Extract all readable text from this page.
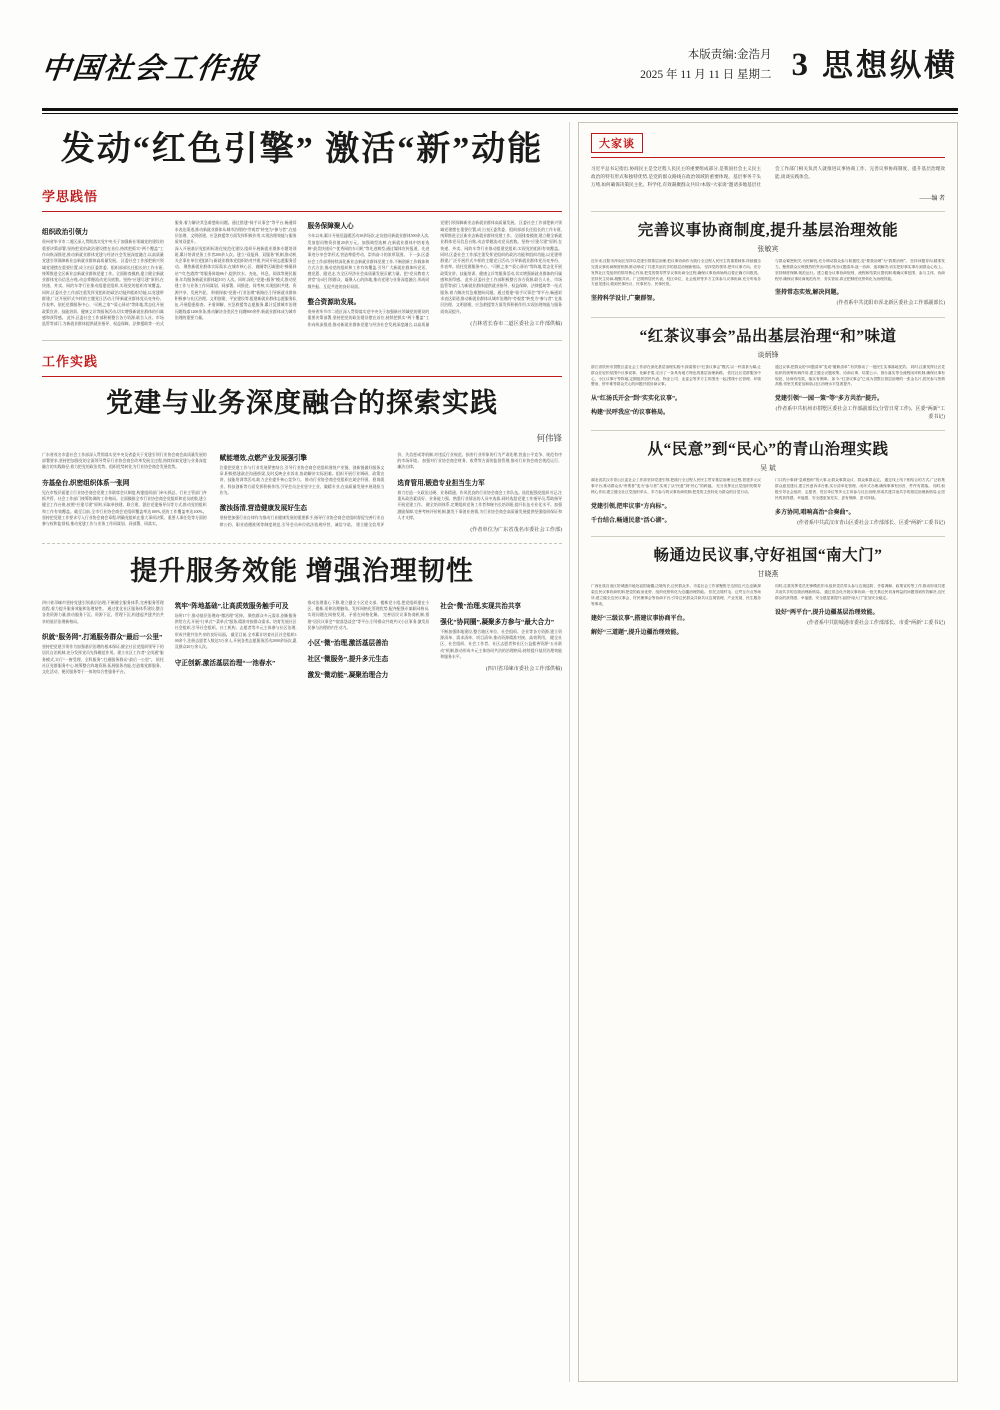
中国社会工作报	本版责编:金浩月
2025 年 11 月 11 日 星期二 3 思想纵横
发动“红色引擎” 激活“新”动能
学思践悟
组织政治引领力
贵州省毕节市二道区深入贯彻落实党中央关于加强新社领域党的建设的重要决策部署,坚持把党的政治建设摆在首位,持续把抓实“两个覆盖”工作向纵深推进,推动新就业群体党建与经济社会发展深度融合,以高质量党建引领保障新业态新就业群体高质量发展。 区委社会工作部把新兴领域党建摆在重要位置,成立由区委常委、组织部部长任组长的工作专班,统筹推进全区新业态新就业群体党建工作。全面排查摸底,建立健全新就业群体党员信息台账,动态掌握流动党员底数。坚持“应建尽建”原则,在快递、外卖、网约车等行业推动组建党组织,实现党的组织有效覆盖。 同时,区委社会工作部注重发挥党组织的政治功能和组织功能,以党建带群建,广泛开展形式多样的主题党日活动,引导新就业群体党员亮身份、作表率。依托党群服务中心、“司机之家”“爱心驿站”等阵地,常态化开展政策宣讲、技能培训、健康义诊等服务活动,切实增强新就业群体的归属感和获得感。 此外,区委社会工作部积极整合各方资源,联合人社、市场监管等部门,为新就业群体提供就业指导、权益保障、法律援助等一站式服务,着力解决其急难愁盼问题。通过搭建“骑手议事会”等平台,畅通诉求表达渠道,推动新就业群体从城市治理的“旁观者”转变为“参与者”,在基层治理、文明创建、应急救援等方面发挥积极作用,实现治理效能与服务质效双提升。
深入开展基层党组织标准化规范化建设,组织开展新就业群体专题培训班,累计培训党务工作者200余人次。建立“双报到、双服务”机制,推动机关企事业单位党组织与新就业群体党组织结对共建,共同开展志愿服务活动。 聚焦新就业群体实际需求,在城市核心区、商圈等区域建成“蜂巢驿站”“红色港湾”等服务阵地86个,提供饮水、充电、休息、阅读等便民服务,年均服务新就业群体超10万人次。同时,深化“党建+服务”模式,推动党建工作与业务工作同谋划、同部署、同推进、同考核,实现组织共建、资源共享、发展共促。 积极探索“党建+行业治理”新路径,引导新就业群体积极参与社区治理、文明创建、平安建设等,组建新就业群体志愿服务队伍,开展隐患排查、矛盾调解、应急救援等志愿服务,累计反馈城市治理问题线索1200余条,推动解决各类民生问题800余件,新就业群体成为城市治理的重要力量。
服务保障聚人心
今年以来,累计开展送温暖活动30余场次,走访慰问新就业群体500余人次,发放慰问物资价值20余万元。加强典型选树,在新就业群体中培育选树“最美快递员”“优秀网约车司机”等先进典型,通过媒体宣传报道、先进事迹分享会等形式,营造尊重劳动、崇尚奋斗的浓厚氛围。 下一步,区委社会工作部将持续深化新业态新就业群体党建工作,不断创新工作载体和方式方法,推动党的组织和工作有效覆盖,引导广大新就业群体听党话、感党恩、跟党走,为全区经济社会高质量发展贡献力量。把“党员教育大讲堂”办成引领群众、凝聚人心的阵地,推动党建与业务深度融合,形成同频共振、互促共进的良好局面。
整合资源助发展。
贵州省毕节市二道区深入贯彻落实党中央关于加强新社领域党的建设的重要决策部署,坚持把党的政治建设摆在首位,持续把抓实“两个覆盖”工作向纵深推进,推动新就业群体党建与经济社会发展深度融合,以高质量党建引领保障新业态新就业群体高质量发展。 区委社会工作部把新兴领域党建摆在重要位置,成立由区委常委、组织部部长任组长的工作专班,统筹推进全区新业态新就业群体党建工作。全面排查摸底,建立健全新就业群体党员信息台账,动态掌握流动党员底数。坚持“应建尽建”原则,在快递、外卖、网约车等行业推动组建党组织,实现党的组织有效覆盖。 同时,区委社会工作部注重发挥党组织的政治功能和组织功能,以党建带群建,广泛开展形式多样的主题党日活动,引导新就业群体党员亮身份、作表率。依托党群服务中心、“司机之家”“爱心驿站”等阵地,常态化开展政策宣讲、技能培训、健康义诊等服务活动,切实增强新就业群体的归属感和获得感。 此外,区委社会工作部积极整合各方资源,联合人社、市场监管等部门,为新就业群体提供就业指导、权益保障、法律援助等一站式服务,着力解决其急难愁盼问题。通过搭建“骑手议事会”等平台,畅通诉求表达渠道,推动新就业群体从城市治理的“旁观者”转变为“参与者”,在基层治理、文明创建、应急救援等方面发挥积极作用,实现治理效能与服务质效双提升。
(吉林省长春市二道区委社会工作部供稿)
工作实践
党建与业务深度融合的探索实践
何伟锋
广东省茂名市委社会工作部深入贯彻落实党中央及省委关于党建引领行业协会商会高质量发展的部署要求,坚持把加强党的全面领导贯穿行业协会商会改革发展全过程,持续探索党建与业务深度融合的实践路径,着力把党的政治优势、组织优势转化为行业协会商会发展优势。
夯基垒台,织密组织体系一张网
见在市级层面建立行业协会商会党建工作联席会议制度,构建组织部门牵头抓总、行业主管部门齐抓共管、社会工作部门统筹协调的工作格局。全面摸排全市行业协会商会党组织和党员底数,建立健全工作台账,按照“应建尽建”原则,采取单独建、联合建、派驻党建指导员等方式,推动党的组织和工作有效覆盖。截至目前,全市行业协会商会党组织覆盖率达100%,党的工作覆盖率达100%。 坚持把党建工作要求写入行业协会商会章程,明确党组织在重大事项决策、重要人事任免等方面的参与权和监督权,推动党建工作与业务工作同谋划、同部署、同落实。
赋能增效,点燃产业发展强引擎
注重把党建工作与行业发展紧密结合,引导行业协会商会党组织围绕产业链、创新链做好服务文章,积极搭建政企沟通桥梁,及时反映企业诉求,协助解决实际困难。组织开展行业调研、政策宣讲、技能培训等活动,助力企业提升核心竞争力。 推动行业协会商会党组织在助企纾困、稳岗就业、科技创新等方面发挥积极作用,引导会员企业坚守主业、做精专业,在高质量发展中展现担当作为。
激浊扬清,营造健康发展好生态
坚持把加强行业自律作为推动行业健康发展的重要抓手,指导行业协会商会党组织督促完善行业自律公约、职业道德准则等制度规范,引导会员单位依法依规经营、诚信守诺。 建立健全信用评价、失信惩戒等机制,对违反行业规范、损害行业形象的行为严肃处理,营造公平竞争、规范有序的市场环境。 加强对行业协会商会财务、收费等方面的监督管理,推动行业协会商会规范运行、廉洁自律。
选育管用,锻造专业担当生力军
着力打造一支政治过硬、业务精通、作风优良的行业协会商会工作队伍。选优配强党组织书记,注重从政治素质好、业务能力强、熟悉行业情况的人员中选拔,同时选派党建工作指导员,帮助指导开展党建工作。 健全培训体系,定期组织党务工作者和秘书长培训班,提升队伍专业化水平。加强激励保障,完善考核评价机制,激发干事创业热情,为行业协会商会高质量发展提供坚强组织保证和人才支撑。
(作者单位为广东省茂名市委社会工作部)
提升服务效能 增强治理韧性
四川省邛崃市坚持党建引领基层治理,不断健全服务体系,完善服务管理流程,着力提升服务效能和治理韧性。 通过优化社区服务体系建设,整合各类资源力量,推动服务下沉、资源下沉、管理下沉,构建起共建共治共享的基层治理新格局。
织就“服务网”,打通服务群众“最后一公里”
坚持把党建引领作为加强基层治理的根本保证,健全社区党组织领导下的居民自治机制,充分发挥党员先锋模范作用。建立社区工作者“全岗通”服务模式,实行“一窗受理、全科服务”,打通服务群众“最后一公里”。 依托社区党群服务中心,统筹整合阵地资源,拓展服务功能,打造集党群服务、文化活动、便民服务等于一体的综合性服务平台。
筑牢“阵地基础”,让高质效服务触手可及
场所17个,推动基层治理向“微治理”延伸。 聚焦群众多元需求,创新服务供给方式,开展“订单式”“菜单式”服务,精准对接群众需求。培育发展社区社会组织,引导社会组织、社工机构、志愿者等多元主体参与社区治理,形成共建共治共享的良好局面。 截至目前,全市累计培育社区社会组织300余个,注册志愿者人数达5万余人,开展各类志愿服务活动2000余场次,惠及群众20万余人次。
守正创新,激活基层治理“一池春水”
推动治理重心下移,建立健全小区党支部、楼栋党小组,把党组织建在小区、楼栋,延伸治理触角。发挥网格化管理优势,配齐配强专兼职网格员,实现问题在网格发现、矛盾在网格化解。 完善居民议事协商机制,搭建“居民议事会”“院落恳谈会”等平台,引导群众共商共议小区事务,激发居民参与治理的内生动力。
小区“微”治理,激活基层善治
社区“微服务”,提升多元生态
激发“微动能”,凝聚治理合力
社会“微”治理,实现共治共享
强化“协同圈”,凝聚多方参与“最大合力”
不断加强阵地建设,整合辖区单位、社会组织、企业等各方资源,建立资源清单、需求清单、项目清单,推动资源精准对接、高效利用。 健全社区、社会组织、社会工作者、社区志愿者和社区公益慈善资源“五社联动”机制,推动形成多元主体协同共治的治理格局,持续提升基层治理效能和服务水平。
(四川省邛崃市委社会工作部供稿)
大家谈
习近平总书记指出,协商民主是全过程人民民主的重要组成部分,是我国社会主义民主政治的特有形式和独特优势,是党的群众路线在政治领域的重要体现。基层事务千头万绪,如何确保决策民主化、科学化,有效凝聚群众共识?本版“大家谈”邀请多地基层社会工作部门相关负责人就推进议事协商工作、完善议事协商制度、提升基层治理效能,谈谈实践体会。
——编 者
完善议事协商制度,提升基层治理效能
张敏宾
近年来,沈阳市浑南区坚持以党建引领基层治理,把议事协商作为践行全过程人民民主的重要载体,持续健全完善议事协商制度机制,推动形成了共建共治共享的基层治理新格局。 坚持党的领导,把牢议事方向。充分发挥社区党组织的领导核心作用,把党的领导贯穿议事协商全过程,确保议事协商始终沿着正确方向推进。 坚持民主协商,凝聚共识。广泛吸纳居民代表、驻区单位、社会组织等多方主体参与议事协商,充分听取各方意见建议,做到民事民议、民事民办、民事民管。
坚持科学设计,广聚群智。
与群众紧密相关,为民解忧,充分调动群众参与积极性,变“要我治理”为“我要治理”。 坚持问题导向,精准发力。聚焦群众反映强烈的突出问题,列出议题清单,逐一协商、逐项解决,切实把好事实事办到群众心坎上。 坚持制度保障,规范运行。建立健全议事协商规则、流程和结果反馈机制,明确议事范围、参与主体、协商程序,确保议事协商规范有序、务实管用,真正把制度优势转化为治理效能。
坚持常态实效,解决问题。
(作者系中共沈阳市浑北新区委社会工作部副部长)
“红茶议事会”品出基层治理“和”味道
谈炳锋
浙江省杭州市拱墅区委社会工作部在深化基层治理实践中,探索推行“红茶议事会”模式,以一杯清茶为媒,让群众在轻松氛围中议事说事、化解矛盾,走出了一条具有地方特色的基层治理新路。 依托社区党群服务中心、小区议事厅等阵地,定期组织居民代表、物业公司、业委会等多方主体围坐一起,围绕小区管理、环境整治、停车难等群众关心的问题开展协商议事。
从“红汤氏开会”到“实实化议事”。
构建“民呼我应”的议事格局。
通过议事,把群众的“问题清单”变成“履职清单”,有效推动了一批民生实事落地见效。 同时,注重发挥社区党组织的统筹协调作用,建立健全议题收集、协商议事、结果公示、督办落实等全流程闭环机制,确保议事有规范、协商有结果、落实有保障。 如今,“红茶议事会”已成为拱墅区基层治理的一张金名片,居民参与热情高涨,邻里关系更加和谐,社区治理水平显著提升。
党建引领“一园一策”等“多方共治”提升。
(作者系中共杭州市拱墅区委社会工作部副部长(分管日常工作)、区委“两新”工委书记)
从“民意”到“民心”的青山治理实践
吴 斌
湖北省武汉市青山区委社会工作部坚持党建引领,把践行全过程人民民主贯穿基层治理全过程,搭建多元议事平台,推动群众从“旁观者”变为“参与者”,实现了从“民意”到“民心”的跨越。 充分发挥社区党组织的领导核心作用,建立健全社区党组织牵头、多方参与的议事协商机制,把党的主张转化为群众的自觉行动。
党建引领,把牢议事“方向标”。
千台结合,畅通民意“活心湖”。
门口的小事到“急难愁盼”的大事,让群众事群众议、群众事群众定。 通过线上线下相结合的方式,广泛收集群众意见建议,建立民意诉求台账,实行清单化管理、闭环式办理,确保事事有回音、件件有着落。 同时,积极引导社会组织、志愿者、驻区单位等多元主体参与社区治理,形成共建共治共享的基层治理新格局,让居民的获得感、幸福感、安全感更加充实、更有保障、更可持续。
多方协同,唱响高治“合奏曲”。
(作者系中共武汉市青山区委社会工作部部长、区委“两新”工委书记)
畅通边民议事,守好祖国“南大门”
甘晓燕
广西壮族自治区防城港市地处祖国南疆,边境线长,边民群众多。市委社会工作部聚焦守边固边兴边,创新探索边民议事协商机制,把党的政治优势、组织优势转化为边疆治理效能。 依托边境村屯、边贸互市点等场所,建立健全边民议事会、村民理事会等协商平台,引导边民群众共商共议边境管理、产业发展、民生服务等事项。
建好“三级议事”,搭建议事协商平台。
解好“三道题”,提升边疆治理效能。
同时,注重发挥党员先锋模范作用,组织党员带头参与边境巡防、矛盾调解、政策宣传等工作,推动形成共建共治共享的边境治理新格局。 通过常态化开展议事协商,一批关系边民切身利益的问题得到有效解决,边民群众的获得感、幸福感、安全感显著提升,祖国“南大门”更加安全稳定。
设好“两平台”,提升边疆基层治理效能。
(作者系中共防城港市委社会工作部部长、市委“两新”工委书记)
